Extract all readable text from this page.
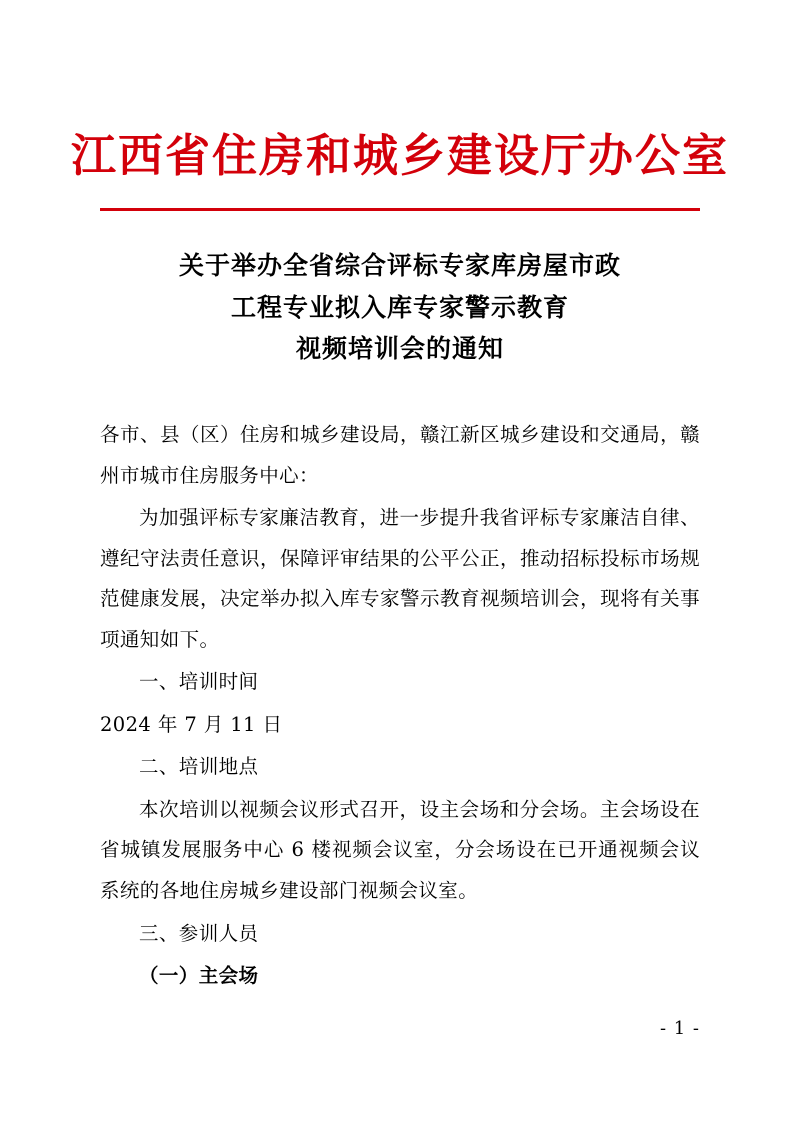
江西省住房和城乡建设厅办公室
关于举办全省综合评标专家库房屋市政
工程专业拟入库专家警示教育
视频培训会的通知

各市、县（区）住房和城乡建设局，赣江新区城乡建设和交通局，赣州市城市住房服务中心：

为加强评标专家廉洁教育，进一步提升我省评标专家廉洁自律、遵纪守法责任意识，保障评审结果的公平公正，推动招标投标市场规范健康发展，决定举办拟入库专家警示教育视频培训会，现将有关事项通知如下。

一、培训时间

2024 年 7 月 11 日

二、培训地点

本次培训以视频会议形式召开，设主会场和分会场。主会场设在省城镇发展服务中心 6 楼视频会议室，分会场设在已开通视频会议系统的各地住房城乡建设部门视频会议室。

三、参训人员

（一）主会场

- 1 -
